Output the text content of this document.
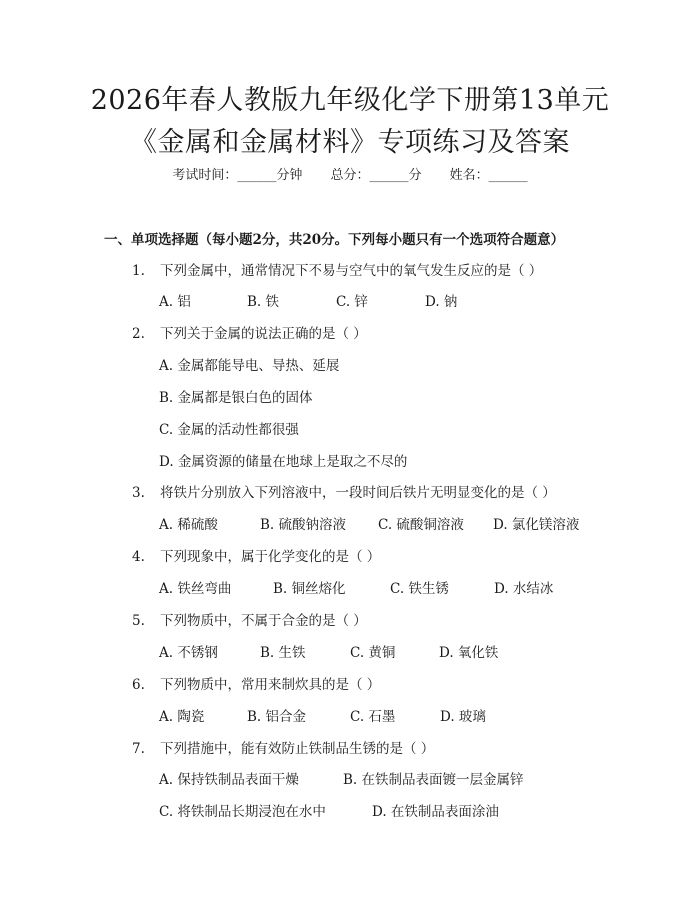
2026年春人教版九年级化学下册第13单元
《金属和金属材料》专项练习及答案
考试时间：______分钟 总分：______分 姓名：______
一、单项选择题（每小题2分，共20分。下列每小题只有一个选项符合题意）
1. 下列金属中，通常情况下不易与空气中的氧气发生反应的是（ ）
A. 铝	B. 铁	C. 锌	D. 钠
2. 下列关于金属的说法正确的是（ ）
A. 金属都能导电、导热、延展
B. 金属都是银白色的固体
C. 金属的活动性都很强
D. 金属资源的储量在地球上是取之不尽的
3. 将铁片分别放入下列溶液中，一段时间后铁片无明显变化的是（ ）
A. 稀硫酸	B. 硫酸钠溶液 C. 硫酸铜溶液 D. 氯化镁溶液
4. 下列现象中，属于化学变化的是（ ）
A. 铁丝弯曲	B. 铜丝熔化	C. 铁生锈	D. 水结冰
5. 下列物质中，不属于合金的是（ ）
A. 不锈钢	B. 生铁	C. 黄铜	D. 氧化铁
6. 下列物质中，常用来制炊具的是（ ）
A. 陶瓷	B. 铝合金	C. 石墨	D. 玻璃
7. 下列措施中，能有效防止铁制品生锈的是（ ）
A. 保持铁制品表面干燥	B. 在铁制品表面镀一层金属锌
C. 将铁制品长期浸泡在水中	D. 在铁制品表面涂油
